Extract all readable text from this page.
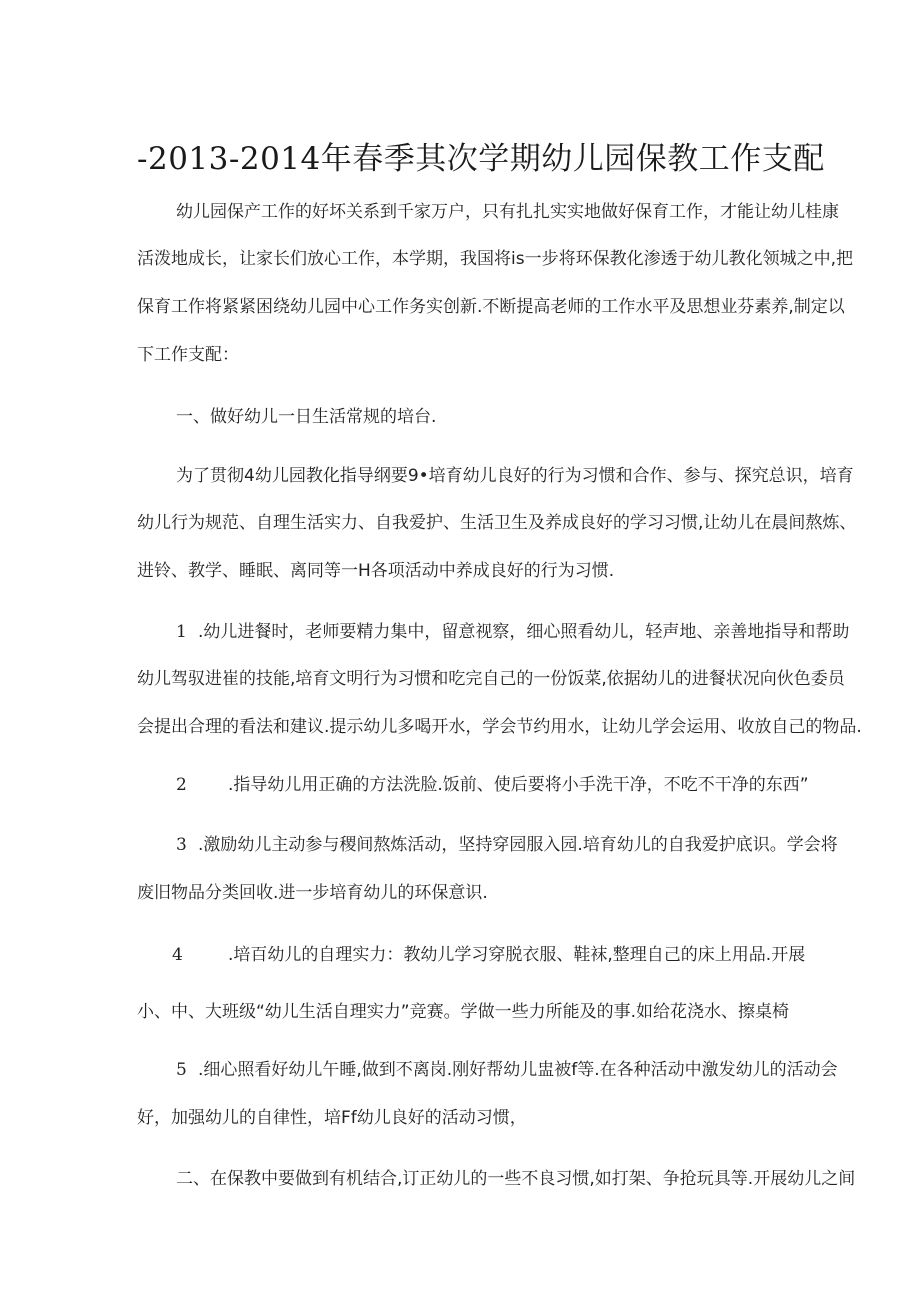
-2013-2014年春季其次学期幼儿园保教工作支配
幼儿园保产工作的好坏关系到千家万户，只有扎扎实实地做好保育工作，才能让幼儿桂康
活泼地成长，让家长们放心工作，本学期，我国将is一步将环保教化渗透于幼儿教化领城之中,把
保育工作将紧紧困绕幼儿园中心工作务实创新.不断提高老师的工作水平及思想业芬素养,制定以
下工作支配：
一、做好幼儿一日生活常规的培台.
为了贯彻4幼儿园教化指导纲要9•培育幼儿良好的行为习惯和合作、参与、探究总识，培育
幼儿行为规范、自理生活实力、自我爱护、生活卫生及养成良好的学习习惯,让幼儿在晨间熬炼、
进铃、教学、睡眠、离同等一H各项活动中养成良好的行为习惯.
1 .幼儿进餐时，老师要精力集中，留意视察，细心照看幼儿，轻声地、亲善地指导和帮助
幼儿驾驭进崔的技能,培育文明行为习惯和吃完自己的一份饭菜,依据幼儿的进餐状况向伙色委员
会提出合理的看法和建议.提示幼儿多喝开水，学会节约用水，让幼儿学会运用、收放自己的物品.
2 .指导幼儿用正确的方法洗脸.饭前、使后要将小手洗干净，不吃不干净的东西”
3 .激励幼儿主动参与稷间熬炼活动，坚持穿园服入园.培育幼儿的自我爱护底识。学会将
废旧物品分类回收.进一步培育幼儿的环保意识.
4	.培百幼儿的自理实力：教幼儿学习穿脱衣服、鞋袜,整理自己的床上用品.开展
小、中、大班级“幼儿生活自理实力”竞赛。学做一些力所能及的事.如给花浇水、擦桌椅
5 .细心照看好幼儿午睡,做到不离岗.刚好帮幼儿盅被f等.在各种活动中激发幼儿的活动会
好，加强幼儿的自律性，培Ff幼儿良好的活动习惯，
二、在保教中要做到有机结合,订正幼儿的一些不良习惯,如打架、争抢玩具等.开展幼儿之间
